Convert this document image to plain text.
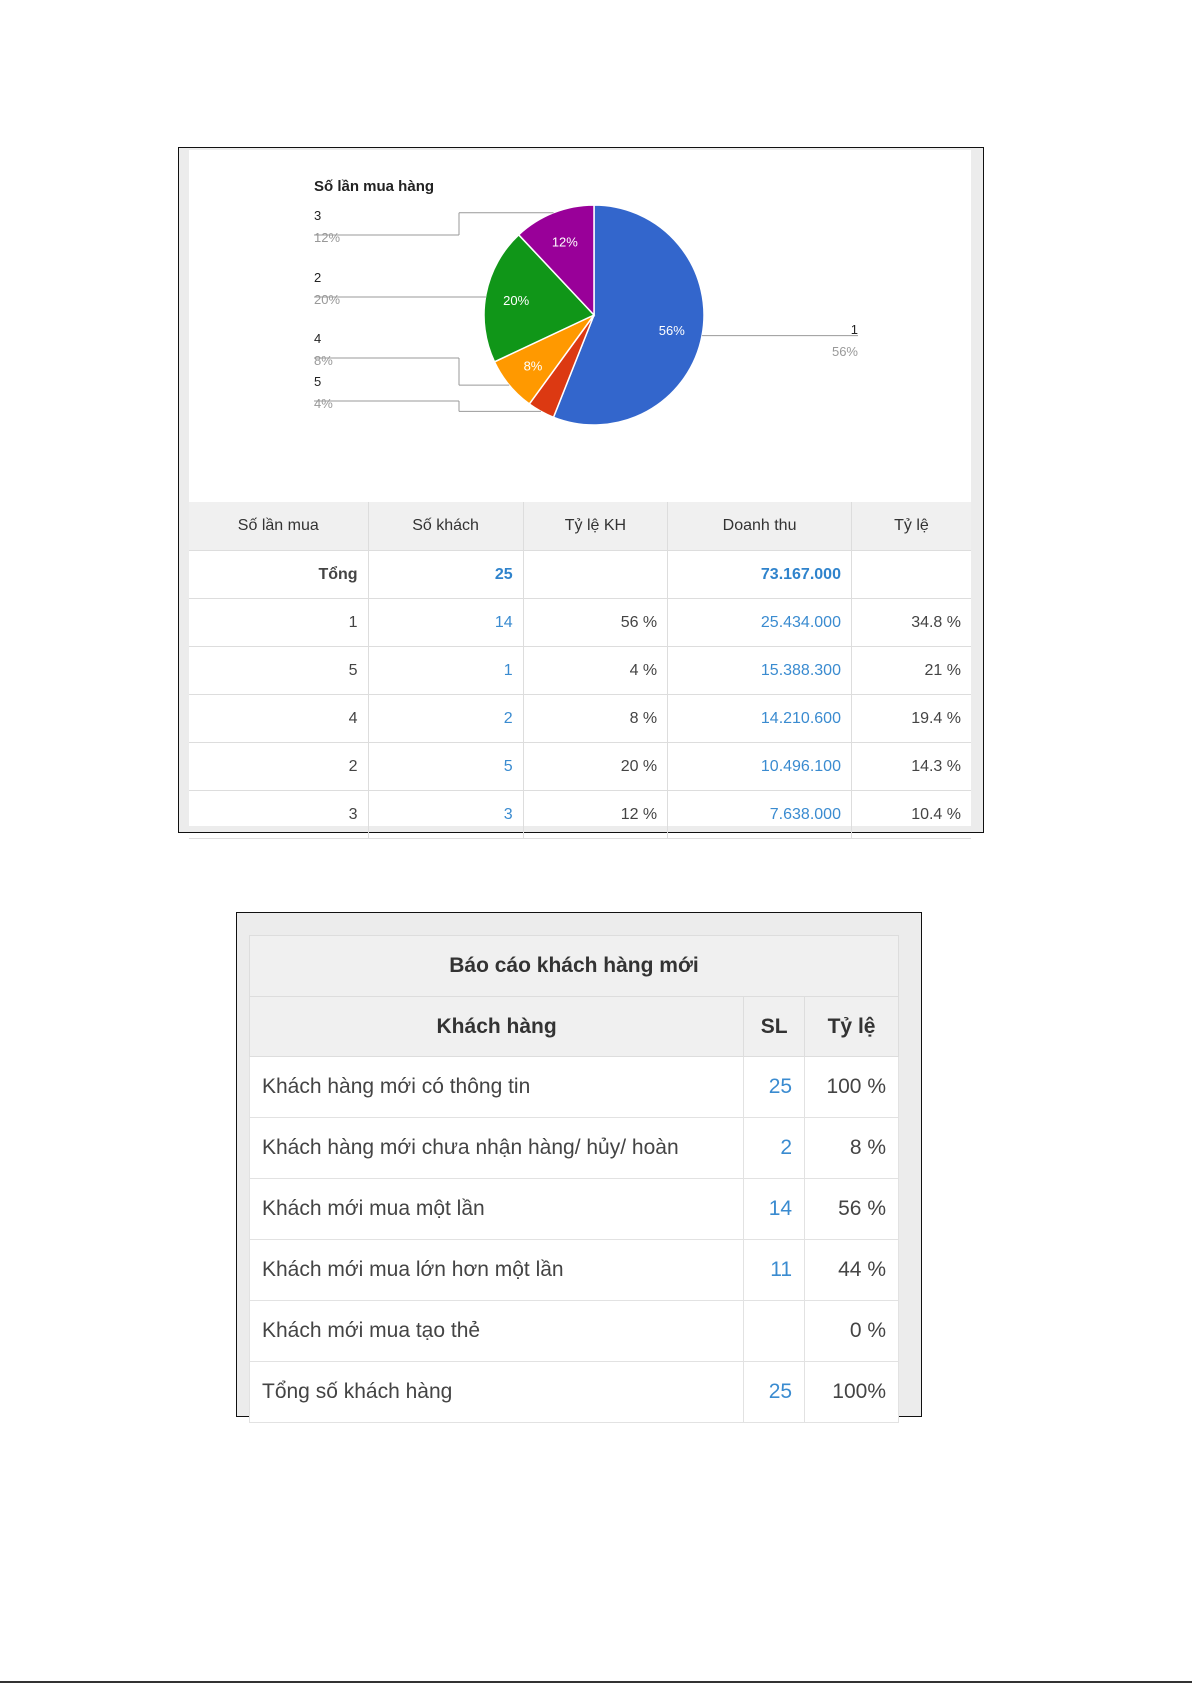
Số lần mua hàng
56%	1
56%
5
4%
8%
4
8%
20%
2
20%
12%
3
12%
Số lần mua	Số khách	Tỷ lệ KH	Doanh thu	Tỷ lệ
Tổng	25		73.167.000	
1	14	56 %	25.434.000	34.8 %
5	1	4 %	15.388.300	21 %
4	2	8 %	14.210.600	19.4 %
2	5	20 %	10.496.100	14.3 %
3	3	12 %	7.638.000	10.4 %
Báo cáo khách hàng mới		
Khách hàng	SL	Tỷ lệ
Khách hàng mới có thông tin	25	100 %
Khách hàng mới chưa nhận hàng/ hủy/ hoàn	2	8 %
Khách mới mua một lần	14	56 %
Khách mới mua lớn hơn một lần	11	44 %
Khách mới mua tạo thẻ		0 %
Tổng số khách hàng	25	100%
